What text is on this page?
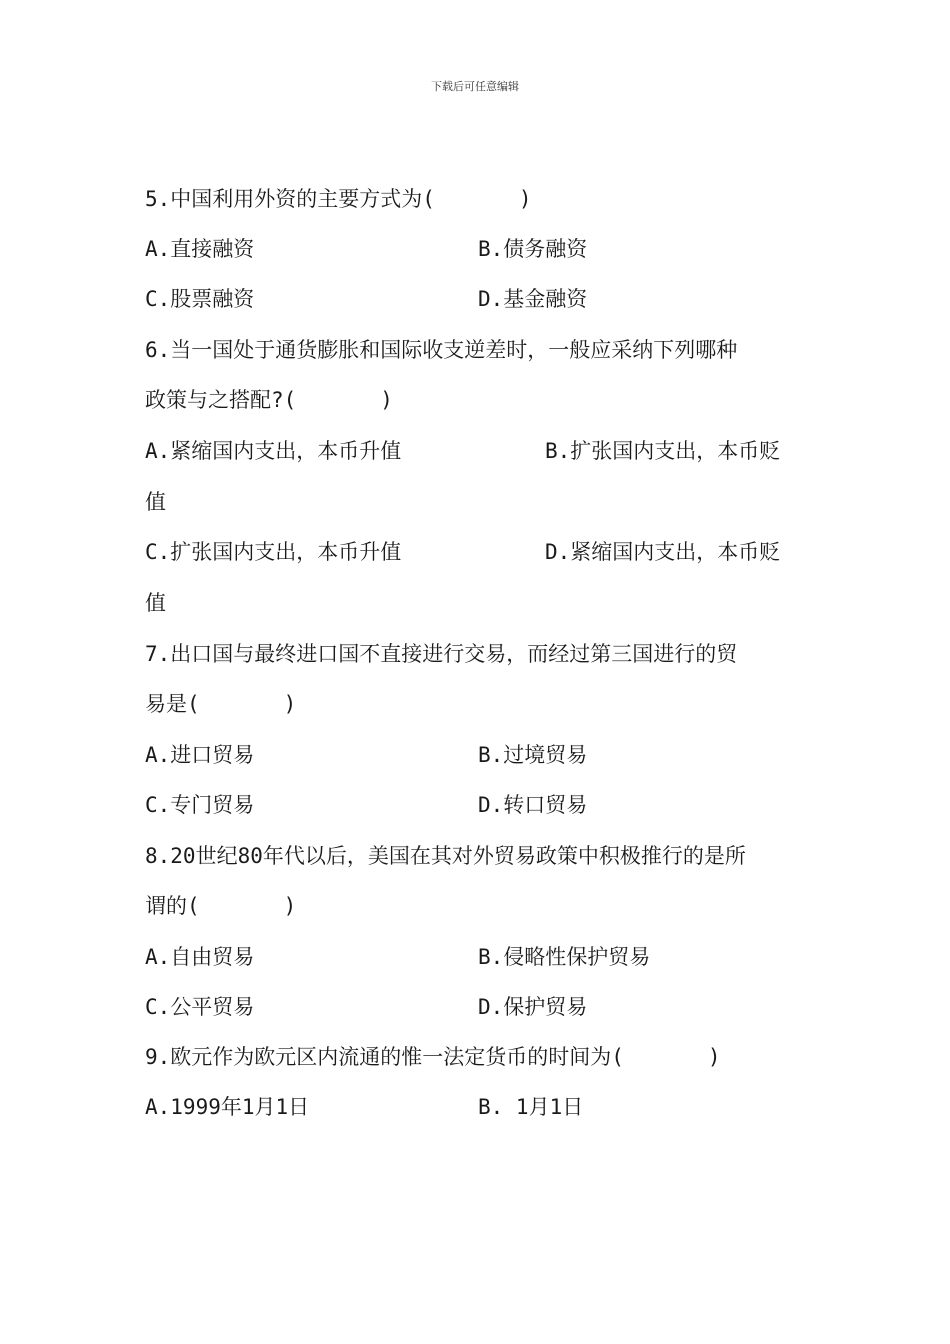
下载后可任意编辑
5.中国利用外资的主要方式为(　　　　)
A.直接融资	B.债务融资
C.股票融资	D.基金融资
6.当一国处于通货膨胀和国际收支逆差时，一般应采纳下列哪种
政策与之搭配?(　　　　)
A.紧缩国内支出，本币升值	B.扩张国内支出，本币贬
值
C.扩张国内支出，本币升值	D.紧缩国内支出，本币贬
值
7.出口国与最终进口国不直接进行交易，而经过第三国进行的贸
易是(　　　　)
A.进口贸易	B.过境贸易
C.专门贸易	D.转口贸易
8.20世纪80年代以后，美国在其对外贸易政策中积极推行的是所
谓的(　　　　)
A.自由贸易	B.侵略性保护贸易
C.公平贸易	D.保护贸易
9.欧元作为欧元区内流通的惟一法定货币的时间为(　　　　)
A.1999年1月1日	B. 1月1日
